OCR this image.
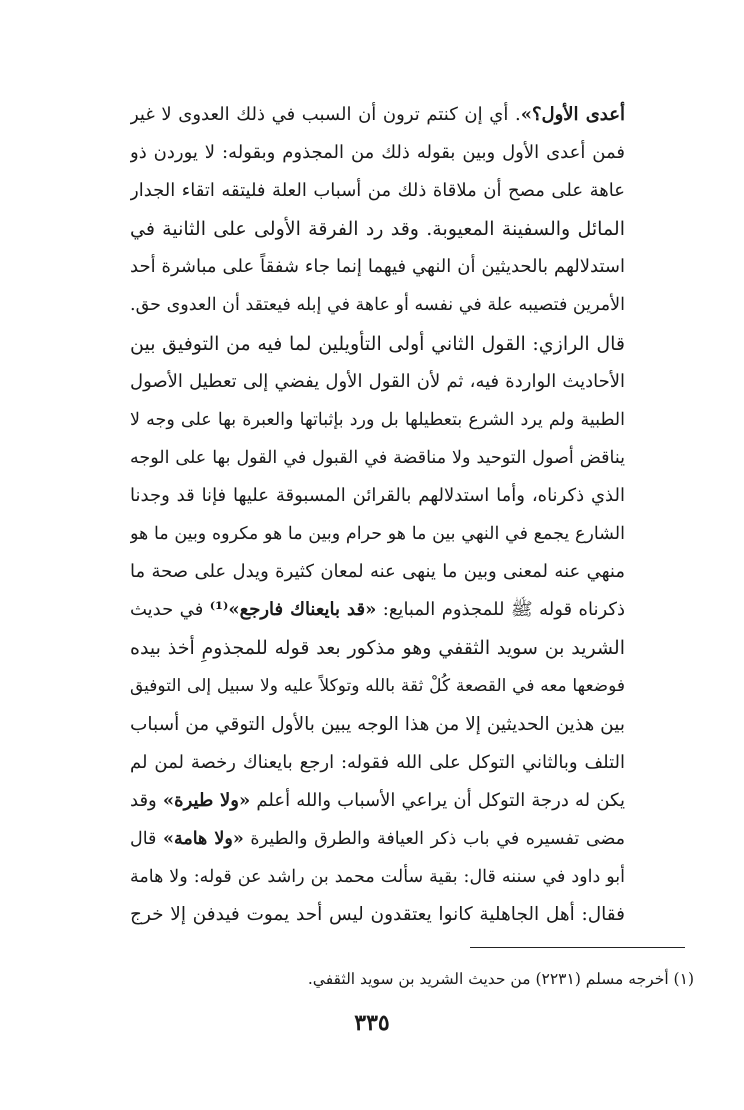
أعدى الأول؟». أي إن كنتم ترون أن السبب في ذلك العدوى لا غير
فمن أعدى الأول وبين بقوله ذلك من المجذوم وبقوله: لا يوردن ذو
عاهة على مصح أن ملاقاة ذلك من أسباب العلة فليتقه اتقاء الجدار
المائل والسفينة المعيوبة. وقد رد الفرقة الأولى على الثانية في
استدلالهم بالحديثين أن النهي فيهما إنما جاء شفقاً على مباشرة أحد
الأمرين فتصيبه علة في نفسه أو عاهة في إبله فيعتقد أن العدوى حق.
قال الرازي: القول الثاني أولى التأويلين لما فيه من التوفيق بين
الأحاديث الواردة فيه، ثم لأن القول الأول يفضي إلى تعطيل الأصول
الطبية ولم يرد الشرع بتعطيلها بل ورد بإثباتها والعبرة بها على وجه لا
يناقض أصول التوحيد ولا مناقضة في القبول في القول بها على الوجه
الذي ذكرناه، وأما استدلالهم بالقرائن المسبوقة عليها فإنا قد وجدنا
الشارع يجمع في النهي بين ما هو حرام وبين ما هو مكروه وبين ما هو
منهي عنه لمعنى وبين ما ينهى عنه لمعان كثيرة ويدل على صحة ما
ذكرناه قوله ﷺ للمجذوم المبايع: «قد بايعناك فارجع»⁽¹⁾ في حديث
الشريد بن سويد الثقفي وهو مذكور بعد قوله للمجذومِ أخذ بيده
فوضعها معه في القصعة كُلْ ثقة بالله وتوكلاً عليه ولا سبيل إلى التوفيق
بين هذين الحديثين إلا من هذا الوجه يبين بالأول التوقي من أسباب
التلف وبالثاني التوكل على الله فقوله: ارجع بايعناك رخصة لمن لم
يكن له درجة التوكل أن يراعي الأسباب والله أعلم «ولا طيرة» وقد
مضى تفسيره في باب ذكر العيافة والطرق والطيرة «ولا هامة» قال
أبو داود في سننه قال: بقية سألت محمد بن راشد عن قوله: ولا هامة
فقال: أهل الجاهلية كانوا يعتقدون ليس أحد يموت فيدفن إلا خرج
(١) أخرجه مسلم (٢٢٣١) من حديث الشريد بن سويد الثقفي.
٣٣٥
